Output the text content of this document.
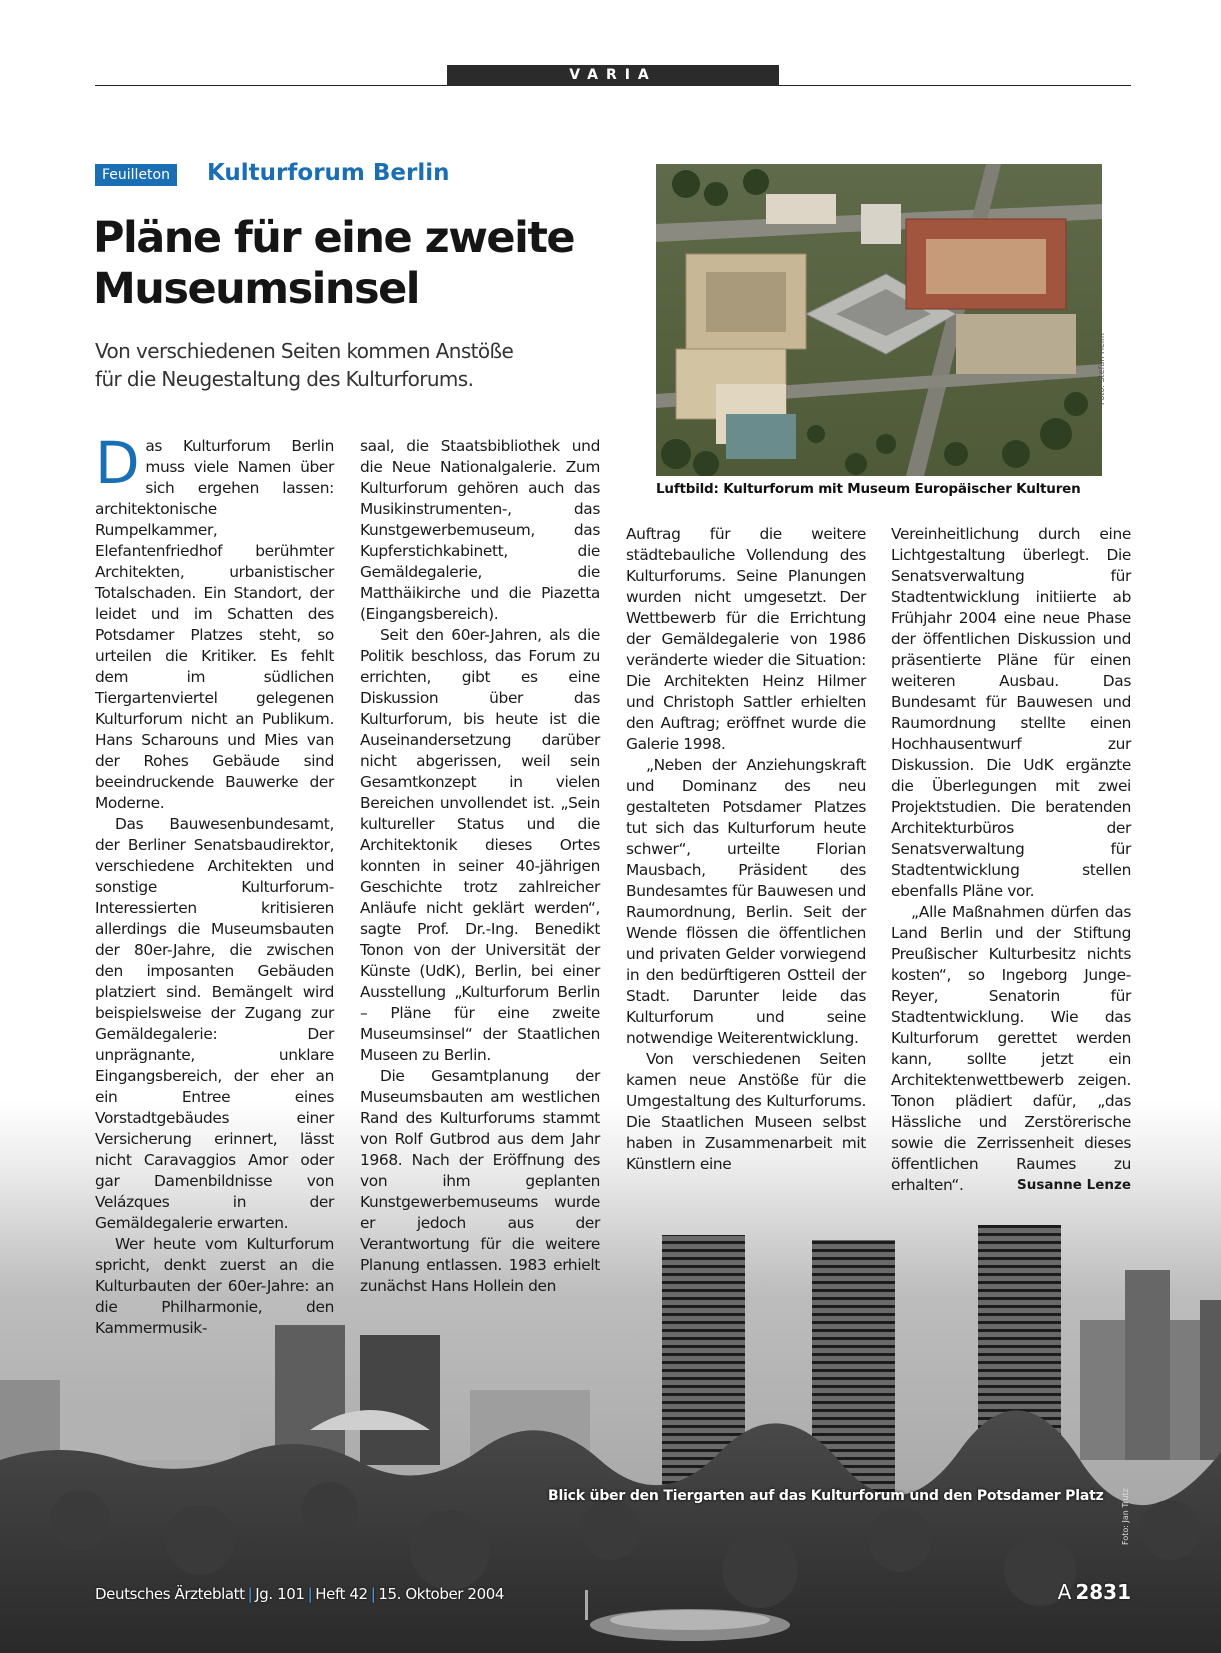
VARIA
Feuilleton	Kulturforum Berlin
Pläne für eine zweite
Museumsinsel
Von verschiedenen Seiten kommen Anstöße
für die Neugestaltung des Kulturforums.	Foto: Stefan Heim
Luftbild: Kulturforum mit Museum Europäischer Kulturen
Blick über den Tiergarten auf das Kulturforum und den Potsdamer Platz Foto: Jan Trutz

Das Kulturforum Berlin muss viele Namen über sich ergehen lassen: architektonische Rumpelkammer, Elefantenfriedhof berühmter Architekten, urbanistischer Totalschaden. Ein Standort, der leidet und im Schatten des Potsdamer Platzes steht, so urteilen die Kritiker. Es fehlt dem im südlichen Tiergartenviertel gelegenen Kulturforum nicht an Publikum. Hans Scharouns und Mies van der Rohes Gebäude sind beeindruckende Bauwerke der Moderne.

Das Bauwesenbundesamt, der Berliner Senatsbaudirektor, verschiedene Architekten und sonstige Kulturforum-Interessierten kritisieren allerdings die Museumsbauten der 80er-Jahre, die zwischen den imposanten Gebäuden platziert sind. Bemängelt wird beispielsweise der Zugang zur Gemäldegalerie: Der unprägnante, unklare Eingangsbereich, der eher an ein Entree eines Vorstadtgebäudes einer Versicherung erinnert, lässt nicht Caravaggios Amor oder gar Damenbildnisse von Velázques in der Gemäldegalerie erwarten.

Wer heute vom Kulturforum spricht, denkt zuerst an die Kulturbauten der 60er-Jahre: an die Philharmonie, den Kammermusik-

saal, die Staatsbibliothek und die Neue Nationalgalerie. Zum Kulturforum gehören auch das Musikinstrumenten-, das Kunstgewerbemuseum, das Kupferstichkabinett, die Gemäldegalerie, die Matthäikirche und die Piazetta (Eingangsbereich).

Seit den 60er-Jahren, als die Politik beschloss, das Forum zu errichten, gibt es eine Diskussion über das Kulturforum, bis heute ist die Auseinandersetzung darüber nicht abgerissen, weil sein Gesamtkonzept in vielen Bereichen unvollendet ist. „Sein kultureller Status und die Architektonik dieses Ortes konnten in seiner 40-jährigen Geschichte trotz zahlreicher Anläufe nicht geklärt werden“, sagte Prof. Dr.-Ing. Benedikt Tonon von der Universität der Künste (UdK), Berlin, bei einer Ausstellung „Kulturforum Berlin – Pläne für eine zweite Museumsinsel“ der Staatlichen Museen zu Berlin.

Die Gesamtplanung der Museumsbauten am westlichen Rand des Kulturforums stammt von Rolf Gutbrod aus dem Jahr 1968. Nach der Eröffnung des von ihm geplanten Kunstgewerbemuseums wurde er jedoch aus der Verantwortung für die weitere Planung entlassen. 1983 erhielt zunächst Hans Hollein den

Auftrag für die weitere städtebauliche Vollendung des Kulturforums. Seine Planungen wurden nicht umgesetzt. Der Wettbewerb für die Errichtung der Gemäldegalerie von 1986 veränderte wieder die Situation: Die Architekten Heinz Hilmer und Christoph Sattler erhielten den Auftrag; eröffnet wurde die Galerie 1998.

„Neben der Anziehungskraft und Dominanz des neu gestalteten Potsdamer Platzes tut sich das Kulturforum heute schwer“, urteilte Florian Mausbach, Präsident des Bundesamtes für Bauwesen und Raumordnung, Berlin. Seit der Wende flössen die öffentlichen und privaten Gelder vorwiegend in den bedürftigeren Ostteil der Stadt. Darunter leide das Kulturforum und seine notwendige Weiterentwicklung.

Von verschiedenen Seiten kamen neue Anstöße für die Umgestaltung des Kulturforums. Die Staatlichen Museen selbst haben in Zusammenarbeit mit Künstlern eine

Vereinheitlichung durch eine Lichtgestaltung überlegt. Die Senatsverwaltung für Stadtentwicklung initiierte ab Frühjahr 2004 eine neue Phase der öffentlichen Diskussion und präsentierte Pläne für einen weiteren Ausbau. Das Bundesamt für Bauwesen und Raumordnung stellte einen Hochhausentwurf zur Diskussion. Die UdK ergänzte die Überlegungen mit zwei Projektstudien. Die beratenden Architekturbüros der Senatsverwaltung für Stadtentwicklung stellen ebenfalls Pläne vor.

„Alle Maßnahmen dürfen das Land Berlin und der Stiftung Preußischer Kulturbesitz nichts kosten“, so Ingeborg Junge-Reyer, Senatorin für Stadtentwicklung. Wie das Kulturforum gerettet werden kann, sollte jetzt ein Architektenwettbewerb zeigen. Tonon plädiert dafür, „das Hässliche und Zerstörerische sowie die Zerrissenheit dieses öffentlichen Raumes zu erhalten“.	Susanne Lenze

Deutsches Ärzteblatt | Jg. 101 | Heft 42 | 15. Oktober 2004	A  2831
